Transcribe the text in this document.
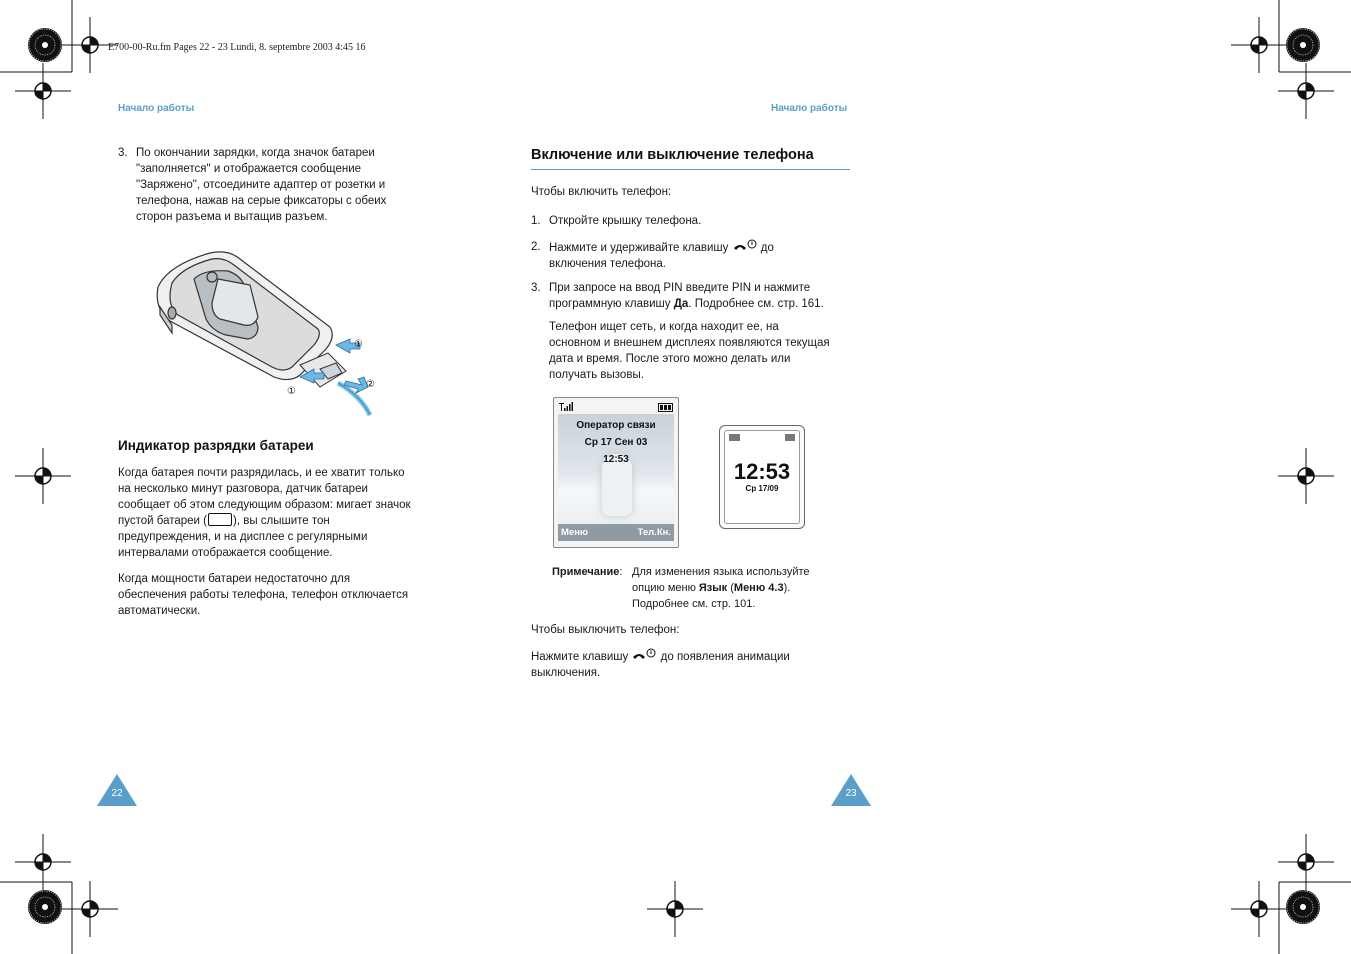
E700-00-Ru.fm Pages 22 - 23 Lundi, 8. septembre 2003 4:45 16
Начало работы
3. По окончании зарядки, когда значок батареи
"заполняется" и отображается сообщение
"Заряжено", отсоедините адаптер от розетки и
телефона, нажав на серые фиксаторы с обеих
сторон разъема и вытащив разъем.
①
②
①
Индикатор разрядки батареи
Когда батарея почти разрядилась, и ее хватит только
на несколько минут разговора, датчик батареи
сообщает об этом следующим образом: мигает значок
пустой батареи ( ), вы слышите тон
предупреждения, и на дисплее с регулярными
интервалами отображается сообщение.
Когда мощности батареи недостаточно для
обеспечения работы телефона, телефон отключается
автоматически.
22
Начало работы
Включение или выключение телефона
Чтобы включить телефон:
1. Откройте крышку телефона.
2. Нажмите и удерживайте клавишу	до
включения телефона.
3. При запросе на ввод PIN введите PIN и нажмите
программную клавишу Да. Подробнее см. стр. 161.
Телефон ищет сеть, и когда находит ее, на
основном и внешнем дисплеях появляются текущая
дата и время. После этого можно делать или
получать вызовы.
Оператор связи
Ср 17 Сен 03
12:53
Меню	Тел.Кн.
12:53
Ср 17/09
Примечание: Для изменения языка используйте
опцию меню Язык (Меню 4.3).
Подробнее см. стр. 101.
Чтобы выключить телефон:
Нажмите клавишу	до появления анимации
выключения.
23
